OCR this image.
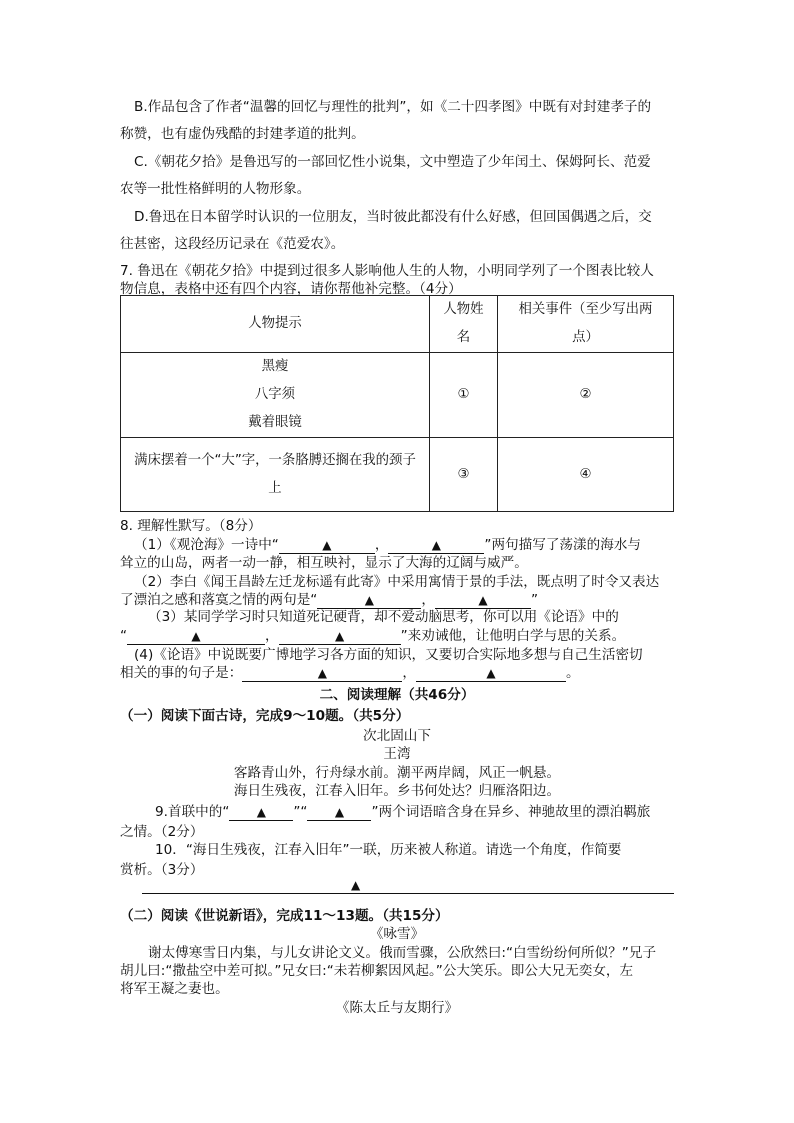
B.作品包含了作者“温馨的回忆与理性的批判”，如《二十四孝图》中既有对封建孝子的
称赞，也有虚伪残酷的封建孝道的批判。
C.《朝花夕拾》是鲁迅写的一部回忆性小说集，文中塑造了少年闰土、保姆阿长、范爱
农等一批性格鲜明的人物形象。
D.鲁迅在日本留学时认识的一位朋友，当时彼此都没有什么好感，但回国偶遇之后，交
往甚密，这段经历记录在《范爱农》。
7. 鲁迅在《朝花夕拾》中提到过很多人影响他人生的人物，小明同学列了一个图表比较人
物信息，表格中还有四个内容，请你帮他补完整。（4分）
人物提示	人物姓名	相关事件（至少写出两点）

黑瘦
八字须
戴着眼镜	①	②

满床摆着一个“大”字，一条胳膊还搁在我的颈子
上	③	④
8. 理解性默写。（8分）
（1）《观沧海》一诗中“	▲	，	▲	”两句描写了荡漾的海水与
耸立的山岛，两者一动一静，相互映衬，显示了大海的辽阔与威严。
（2）李白《闻王昌龄左迁龙标遥有此寄》中采用寓情于景的手法，既点明了时令又表达
了漂泊之感和落寞之情的两句是“	▲	，	▲	”
（3）某同学学习时只知道死记硬背，却不爱动脑思考，你可以用《论语》中的
“	▲	，	▲	”来劝诫他，让他明白学与思的关系。
(4)《论语》中说既要广博地学习各方面的知识，又要切合实际地多想与自己生活密切
相关的事的句子是：	▲	，	▲	。
二、阅读理解（共46分）
（一）阅读下面古诗，完成9～10题。（共5分）
次北固山下
王湾
客路青山外，行舟绿水前。潮平两岸阔，风正一帆悬。
海日生残夜，江春入旧年。乡书何处达？归雁洛阳边。
9.首联中的“ ▲ ”“ ▲ ”两个词语暗含身在异乡、神驰故里的漂泊羁旅
之情。（2分）
10．“海日生残夜，江春入旧年”一联，历来被人称道。请选一个角度，作简要
赏析。（3分）
▲
（二）阅读《世说新语》，完成11～13题。（共15分）
《咏雪》
谢太傅寒雪日内集，与儿女讲论文义。俄而雪骤，公欣然曰:“白雪纷纷何所似？”兄子
胡儿曰:“撒盐空中差可拟。”兄女曰:“未若柳絮因风起。”公大笑乐。即公大兄无奕女，左
将军王凝之妻也。
《陈太丘与友期行》
